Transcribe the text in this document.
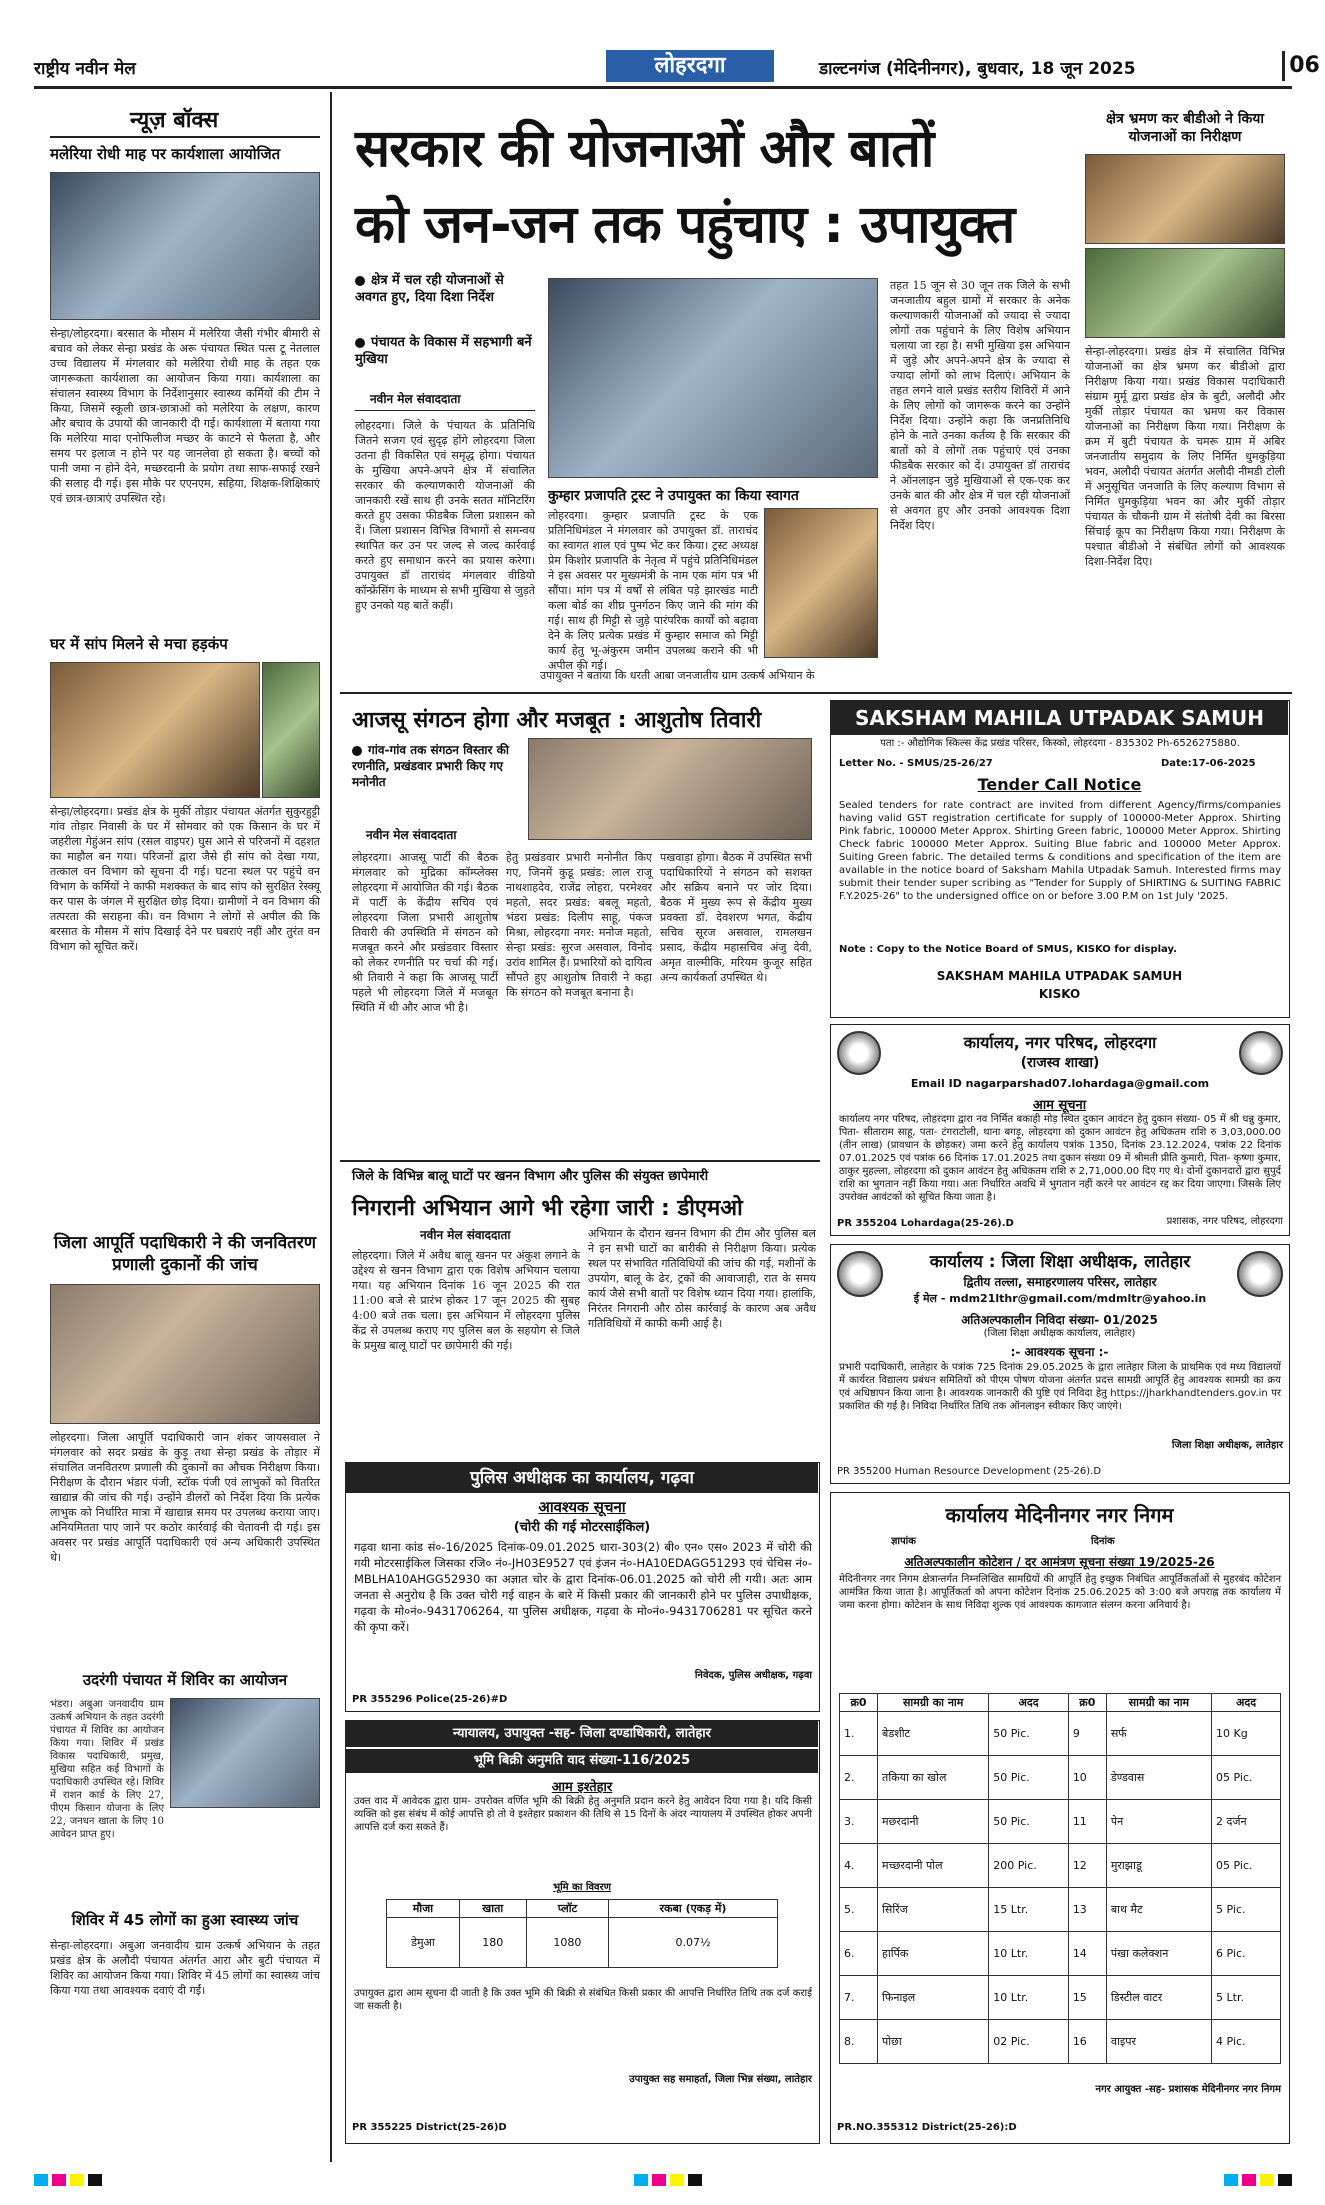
राष्ट्रीय नवीन मेल	लोहरदगा	डाल्टनगंज (मेदिनीनगर), बुधवार, 18 जून 2025	06
न्यूज़ बॉक्स
मलेरिया रोधी माह पर कार्यशाला आयोजित
सेन्हा/लोहरदगा। बरसात के मौसम में मलेरिया जैसी गंभीर बीमारी से बचाव को लेकर सेन्हा प्रखंड के अरू पंचायत स्थित पत्स टू नेतलाल उच्च विद्यालय में मंगलवार को मलेरिया रोधी माह के तहत एक जागरूकता कार्यशाला का आयोजन किया गया। कार्यशाला का संचालन स्वास्थ्य विभाग के निर्देशानुसार स्वास्थ्य कर्मियों की टीम ने किया, जिसमें स्कूली छात्र-छात्राओं को मलेरिया के लक्षण, कारण और बचाव के उपायों की जानकारी दी गई। कार्यशाला में बताया गया कि मलेरिया मादा एनोफिलीज मच्छर के काटने से फैलता है, और समय पर इलाज न होने पर यह जानलेवा हो सकता है। बच्चों को पानी जमा न होने देने, मच्छरदानी के प्रयोग तथा साफ-सफाई रखने की सलाह दी गई। इस मौके पर एएनएम, सहिया, शिक्षक-शिक्षिकाएं एवं छात्र-छात्राएं उपस्थित रहे।
घर में सांप मिलने से मचा हड़कंप
सेन्हा/लोहरदगा। प्रखंड क्षेत्र के मुर्की तोड़ार पंचायत अंतर्गत सुकुरहुट्टी गांव तोड़ार निवासी के घर में सोमवार को एक किसान के घर में जहरीला गेहुंअन सांप (रसल वाइपर) घुस आने से परिजनों में दहशत का माहौल बन गया। परिजनों द्वारा जैसे ही सांप को देखा गया, तत्काल वन विभाग को सूचना दी गई। घटना स्थल पर पहुंचे वन विभाग के कर्मियों ने काफी मशक्कत के बाद सांप को सुरक्षित रेस्क्यू कर पास के जंगल में सुरक्षित छोड़ दिया। ग्रामीणों ने वन विभाग की तत्परता की सराहना की। वन विभाग ने लोगों से अपील की कि बरसात के मौसम में सांप दिखाई देने पर घबराएं नहीं और तुरंत वन विभाग को सूचित करें।
जिला आपूर्ति पदाधिकारी ने की जनवितरण प्रणाली दुकानों की जांच
लोहरदगा। जिला आपूर्ति पदाधिकारी जान शंकर जायसवाल ने मंगलवार को सदर प्रखंड के कुड़ू तथा सेन्हा प्रखंड के तोड़ार में संचालित जनवितरण प्रणाली की दुकानों का औचक निरीक्षण किया। निरीक्षण के दौरान भंडार पंजी, स्टॉक पंजी एवं लाभुकों को वितरित खाद्यान्न की जांच की गई। उन्होंने डीलरों को निर्देश दिया कि प्रत्येक लाभुक को निर्धारित मात्रा में खाद्यान्न समय पर उपलब्ध कराया जाए। अनियमितता पाए जाने पर कठोर कार्रवाई की चेतावनी दी गई। इस अवसर पर प्रखंड आपूर्ति पदाधिकारी एवं अन्य अधिकारी उपस्थित थे।
उदरंगी पंचायत में शिविर का आयोजन
भंडरा। अबुआ जनवादीय ग्राम उत्कर्ष अभियान के तहत उदरंगी पंचायत में शिविर का आयोजन किया गया। शिविर में प्रखंड विकास पदाधिकारी, प्रमुख, मुखिया सहित कई विभागों के पदाधिकारी उपस्थित रहे। शिविर में राशन कार्ड के लिए 27, पीएम किसान योजना के लिए 22, जनधन खाता के लिए 10 आवेदन प्राप्त हुए।
शिविर में 45 लोगों का हुआ स्वास्थ्य जांच
सेन्हा-लोहरदगा। अबुआ जनवादीय ग्राम उत्कर्ष अभियान के तहत प्रखंड क्षेत्र के अलौदी पंचायत अंतर्गत आरा और बुटी पंचायत में शिविर का आयोजन किया गया। शिविर में 45 लोगों का स्वास्थ्य जांच किया गया तथा आवश्यक दवाएं दी गईं।
सरकार की योजनाओं और बातों
को जन-जन तक पहुंचाए : उपायुक्त
क्षेत्र में चल रही योजनाओं से अवगत हुए, दिया दिशा निर्देश
पंचायत के विकास में सहभागी बनें मुखिया
नवीन मेल संवाददाता
लोहरदगा। जिले के पंचायत के प्रतिनिधि जितने सजग एवं सुदृढ़ होंगे लोहरदगा जिला उतना ही विकसित एवं समृद्ध होगा। पंचायत के मुखिया अपने-अपने क्षेत्र में संचालित सरकार की कल्याणकारी योजनाओं की जानकारी रखें साथ ही उनके सतत मॉनिटरिंग करते हुए उसका फीडबैक जिला प्रशासन को दें। जिला प्रशासन विभिन्न विभागों से समन्वय स्थापित कर उन पर जल्द से जल्द कार्रवाई करते हुए समाधान करने का प्रयास करेगा। उपायुक्त डॉ ताराचंद मंगलवार वीडियो कॉन्फ्रेंसिंग के माध्यम से सभी मुखिया से जुड़ते हुए उनको यह बातें कहीं।
कुम्हार प्रजापति ट्रस्ट ने उपायुक्त का किया स्वागत
लोहरदगा। कुम्हार प्रजापति ट्रस्ट के एक प्रतिनिधिमंडल ने मंगलवार को उपायुक्त डॉ. ताराचंद का स्वागत शाल एवं पुष्प भेंट कर किया। ट्रस्ट अध्यक्ष प्रेम किशोर प्रजापति के नेतृत्व में पहुंचे प्रतिनिधिमंडल ने इस अवसर पर मुख्यमंत्री के नाम एक मांग पत्र भी सौंपा। मांग पत्र में वर्षों से लंबित पड़े झारखंड माटी कला बोर्ड का शीघ्र पुनर्गठन किए जाने की मांग की गई। साथ ही मिट्टी से जुड़े पारंपरिक कार्यों को बढ़ावा देने के लिए प्रत्येक प्रखंड में कुम्हार समाज को मिट्टी कार्य हेतु भू-अंकुरम जमीन उपलब्ध कराने की भी अपील की गई।
उपायुक्त ने बताया कि धरती आबा जनजातीय ग्राम उत्कर्ष अभियान के
तहत 15 जून से 30 जून तक जिले के सभी जनजातीय बहुल ग्रामों में सरकार के अनेक कल्याणकारी योजनाओं को ज्यादा से ज्यादा लोगों तक पहुंचाने के लिए विशेष अभियान चलाया जा रहा है। सभी मुखिया इस अभियान में जुड़े और अपने-अपने क्षेत्र के ज्यादा से ज्यादा लोगों को लाभ दिलाएं। अभियान के तहत लगने वाले प्रखंड स्तरीय शिविरों में आने के लिए लोगों को जागरूक करने का उन्होंने निर्देश दिया। उन्होंने कहा कि जनप्रतिनिधि होने के नाते उनका कर्तव्य है कि सरकार की बातों को वे लोगों तक पहुंचाएं एवं उनका फीडबैक सरकार को दें। उपायुक्त डॉ ताराचंद ने ऑनलाइन जुड़े मुखियाओं से एक-एक कर उनके बात की और क्षेत्र में चल रही योजनाओं से अवगत हुए और उनको आवश्यक दिशा निर्देश दिए।
क्षेत्र भ्रमण कर बीडीओ ने किया योजनाओं का निरीक्षण
सेन्हा-लोहरदगा। प्रखंड क्षेत्र में संचालित विभिन्न योजनाओं का क्षेत्र भ्रमण कर बीडीओ द्वारा निरीक्षण किया गया। प्रखंड विकास पदाधिकारी संग्राम मुर्मू द्वारा प्रखंड क्षेत्र के बुटी, अलौदी और मुर्की तोड़ार पंचायत का भ्रमण कर विकास योजनाओं का निरीक्षण किया गया। निरीक्षण के क्रम में बुटी पंचायत के चमरू ग्राम में अबिर जनजातीय समुदाय के लिए निर्मित धुमकुड़िया भवन, अलौदी पंचायत अंतर्गत अलौदी नीमडी टोली में अनुसूचित जनजाति के लिए कल्याण विभाग से निर्मित धुमकुड़िया भवन का और मुर्की तोड़ार पंचायत के चौकनी ग्राम में संतोषी देवी का बिरसा सिंचाई कूप का निरीक्षण किया गया। निरीक्षण के पश्चात बीडीओ ने संबंधित लोगों को आवश्यक दिशा-निर्देश दिए।
आजसू संगठन होगा और मजबूत : आशुतोष तिवारी
गांव-गांव तक संगठन विस्तार की रणनीति, प्रखंडवार प्रभारी किए गए मनोनीत
नवीन मेल संवाददाता
लोहरदगा। आजसू पार्टी की बैठक मंगलवार को मुद्रिका कॉम्प्लेक्स लोहरदगा में आयोजित की गई। बैठक में पार्टी के केंद्रीय सचिव एवं लोहरदगा जिला प्रभारी आशुतोष तिवारी की उपस्थिति में संगठन को मजबूत करने और प्रखंडवार विस्तार को लेकर रणनीति पर चर्चा की गई। श्री तिवारी ने कहा कि आजसू पार्टी पहले भी लोहरदगा जिले में मजबूत स्थिति में थी और आज भी है।
हेतु प्रखंडवार प्रभारी मनोनीत किए गए, जिनमें कुडू प्रखंड: लाल राजू नाथशाहदेव, राजेंद्र लोहरा, परमेश्वर महतो, सदर प्रखंड: बबलू महतो, भंडरा प्रखंड: दिलीप साहू, पंकज मिश्रा, लोहरदगा नगर: मनोज महतो, सेन्हा प्रखंड: सुरज असवाल, विनोद उरांव शामिल हैं। प्रभारियों को दायित्व सौंपते हुए आशुतोष तिवारी ने कहा कि संगठन को मजबूत बनाना है।
पखवाड़ा होगा। बैठक में उपस्थित सभी पदाधिकारियों ने संगठन को सशक्त और सक्रिय बनाने पर जोर दिया। बैठक में मुख्य रूप से केंद्रीय मुख्य प्रवक्ता डॉ. देवशरण भगत, केंद्रीय सचिव सूरज असवाल, रामलखन प्रसाद, केंद्रीय महासचिव अंजु देवी, अमृत वाल्मीकि, मरियम कुजूर सहित अन्य कार्यकर्ता उपस्थित थे।
जिले के विभिन्न बालू घाटों पर खनन विभाग और पुलिस की संयुक्त छापेमारी
निगरानी अभियान आगे भी रहेगा जारी : डीएमओ
नवीन मेल संवाददाता
लोहरदगा। जिले में अवैध बालू खनन पर अंकुश लगाने के उद्देश्य से खनन विभाग द्वारा एक विशेष अभियान चलाया गया। यह अभियान दिनांक 16 जून 2025 की रात 11:00 बजे से प्रारंभ होकर 17 जून 2025 की सुबह 4:00 बजे तक चला। इस अभियान में लोहरदगा पुलिस केंद्र से उपलब्ध कराए गए पुलिस बल के सहयोग से जिले के प्रमुख बालू घाटों पर छापेमारी की गई।
अभियान के दौरान खनन विभाग की टीम और पुलिस बल ने इन सभी घाटों का बारीकी से निरीक्षण किया। प्रत्येक स्थल पर संभावित गतिविधियों की जांच की गई, मशीनों के उपयोग, बालू के ढेर, ट्रकों की आवाजाही, रात के समय कार्य जैसे सभी बातों पर विशेष ध्यान दिया गया। हालांकि, निरंतर निगरानी और ठोस कार्रवाई के कारण अब अवैध गतिविधियों में काफी कमी आई है।
SAKSHAM MAHILA UTPADAK SAMUH
पता :- औद्योगिक स्किल्स केंद्र प्रखंड परिसर, किस्को, लोहरदगा - 835302 Ph-6526275880.
Letter No. - SMUS/25-26/27	Date:17-06-2025
Tender Call Notice
Sealed tenders for rate contract are invited from different Agency/firms/companies having valid GST registration certificate for supply of 100000-Meter Approx. Shirting Pink fabric, 100000 Meter Approx. Shirting Green fabric, 100000 Meter Approx. Shirting Check fabric 100000 Meter Approx. Suiting Blue fabric and 100000 Meter Approx. Suiting Green fabric. The detailed terms & conditions and specification of the item are available in the notice board of Saksham Mahila Utpadak Samuh. Interested firms may submit their tender super scribing as "Tender for Supply of SHIRTING & SUITING FABRIC F.Y.2025-26" to the undersigned office on or before 3.00 P.M on 1st July '2025.
Note : Copy to the Notice Board of SMUS, KISKO for display.
SAKSHAM MAHILA UTPADAK SAMUH
KISKO
कार्यालय, नगर परिषद, लोहरदगा
(राजस्व शाखा)
Email ID nagarparshad07.lohardaga@gmail.com
आम सूचना
कार्यालय नगर परिषद, लोहरदगा द्वारा नव निर्मित बकाही मोड़ स्थित दुकान आवंटन हेतु दुकान संख्या- 05 में श्री धन्नु कुमार, पिता- सीताराम साहू, पता- टंगराटोली, थाना बगड़ू, लोहरदगा को दुकान आवंटन हेतु अधिकतम राशि रु 3,03,000.00 (तीन लाख) (प्रावधान के छोड़कर) जमा करने हेतु कार्यालय पत्रांक 1350, दिनांक 23.12.2024, पत्रांक 22 दिनांक 07.01.2025 एवं पत्रांक 66 दिनांक 17.01.2025 तथा दुकान संख्या 09 में श्रीमती प्रीति कुमारी, पिता- कृष्णा कुमार, ठाकुर मुहल्ला, लोहरदगा को दुकान आवंटन हेतु अधिकतम राशि रु 2,71,000.00 दिए गए थे। दोनों दुकानदारों द्वारा सुपुर्द राशि का भुगतान नहीं किया गया। अतः निर्धारित अवधि में भुगतान नहीं करने पर आवंटन रद्द कर दिया जाएगा। जिसके लिए उपरोक्त आवंटकों को सूचित किया जाता है।
PR 355204 Lohardaga(25-26).D	प्रशासक, नगर परिषद, लोहरदगा
कार्यालय : जिला शिक्षा अधीक्षक, लातेहार
द्वितीय तल्ला, समाहरणालय परिसर, लातेहार
ई मेल - mdm21lthr@gmail.com/mdmltr@yahoo.in
अतिअल्पकालीन निविदा संख्या- 01/2025
(जिला शिक्षा अधीक्षक कार्यालय, लातेहार)
:- आवश्यक सूचना :-
प्रभारी पदाधिकारी, लातेहार के पत्रांक 725 दिनांक 29.05.2025 के द्वारा लातेहार जिला के प्राथमिक एवं मध्य विद्यालयों में कार्यरत विद्यालय प्रबंधन समितियों को पीएम पोषण योजना अंतर्गत प्रदत्त सामग्री आपूर्ति हेतु आवश्यक सामग्री का क्रय एवं अधिष्ठापन किया जाना है। आवश्यक जानकारी की पुष्टि एवं निविदा हेतु https://jharkhandtenders.gov.in पर प्रकाशित की गई है। निविदा निर्धारित तिथि तक ऑनलाइन स्वीकार किए जाएंगे।
जिला शिक्षा अधीक्षक, लातेहार
PR 355200 Human Resource Development (25-26).D
पुलिस अधीक्षक का कार्यालय, गढ़वा
आवश्यक सूचना
(चोरी की गई मोटरसाईकिल)
गढ़वा थाना कांड सं०-16/2025 दिनांक-09.01.2025 धारा-303(2) बी० एन० एस० 2023 में चोरी की गयी मोटरसाईकिल जिसका रजि० नं०-JH03E9527 एवं इंजन नं०-HA10EDAGG51293 एवं चेचिस नं०-MBLHA10AHGG52930 का अज्ञात चोर के द्वारा दिनांक-06.01.2025 को चोरी ली गयी। अतः आम जनता से अनुरोध है कि उक्त चोरी गई वाहन के बारे में किसी प्रकार की जानकारी होने पर पुलिस उपाधीक्षक, गढ़वा के मो०नं०-9431706264, या पुलिस अधीक्षक, गढ़वा के मो०नं०-9431706281 पर सूचित करने की कृपा करें।
निवेदक, पुलिस अधीक्षक, गढ़वा
PR 355296 Police(25-26)#D
न्यायालय, उपायुक्त -सह- जिला दण्डाधिकारी, लातेहार
भूमि बिक्री अनुमति वाद संख्या-116/2025
आम इश्तेहार
उक्त वाद में आवेदक द्वारा ग्राम- उपरोक्त वर्णित भूमि की बिक्री हेतु अनुमति प्रदान करने हेतु आवेदन दिया गया है। यदि किसी व्यक्ति को इस संबंध में कोई आपत्ति हो तो वे इश्तेहार प्रकाशन की तिथि से 15 दिनों के अंदर न्यायालय में उपस्थित होकर अपनी आपत्ति दर्ज करा सकते हैं।
भूमि का विवरण
मौजा	खाता	प्लॉट	रकबा (एकड़ में)
डेमुआ	180	1080	0.07½
उपायुक्त द्वारा आम सूचना दी जाती है कि उक्त भूमि की बिक्री से संबंधित किसी प्रकार की आपत्ति निर्धारित तिथि तक दर्ज कराई जा सकती है।
उपायुक्त सह समाहर्ता, जिला भिन्न संख्या, लातेहार
PR 355225 District(25-26)D
कार्यालय मेदिनीनगर नगर निगम
ज्ञापांक	दिनांक
अतिअल्पकालीन कोटेशन / दर आमंत्रण सूचना संख्या 19/2025-26
मेदिनीनगर नगर निगम क्षेत्रान्तर्गत निम्नलिखित सामग्रियों की आपूर्ति हेतु इच्छुक निबंधित आपूर्तिकर्ताओं से मुहरबंद कोटेशन आमंत्रित किया जाता है। आपूर्तिकर्ता को अपना कोटेशन दिनांक 25.06.2025 को 3:00 बजे अपराह्न तक कार्यालय में जमा करना होगा। कोटेशन के साथ निविदा शुल्क एवं आवश्यक कागजात संलग्न करना अनिवार्य है।
क्र0	सामग्री का नाम	अदद	क्र0	सामग्री का नाम	अदद
1.	बेडशीट	50 Pic.	9	सर्फ	10 Kg
2.	तकिया का खोल	50 Pic.	10	डेण्डवास	05 Pic.
3.	मछरदानी	50 Pic.	11	पेन	2 दर्जन
4.	मच्छरदानी पोल	200 Pic.	12	मुराझाडू	05 Pic.
5.	सिरिंज	15 Ltr.	13	बाथ मैट	5 Pic.
6.	हार्पिक	10 Ltr.	14	पंखा कलेक्शन	6 Pic.
7.	फिनाइल	10 Ltr.	15	डिस्टील वाटर	5 Ltr.
8.	पोछा	02 Pic.	16	वाइपर	4 Pic.
नगर आयुक्त -सह- प्रशासक मेदिनीनगर नगर निगम
PR.NO.355312 District(25-26):D
